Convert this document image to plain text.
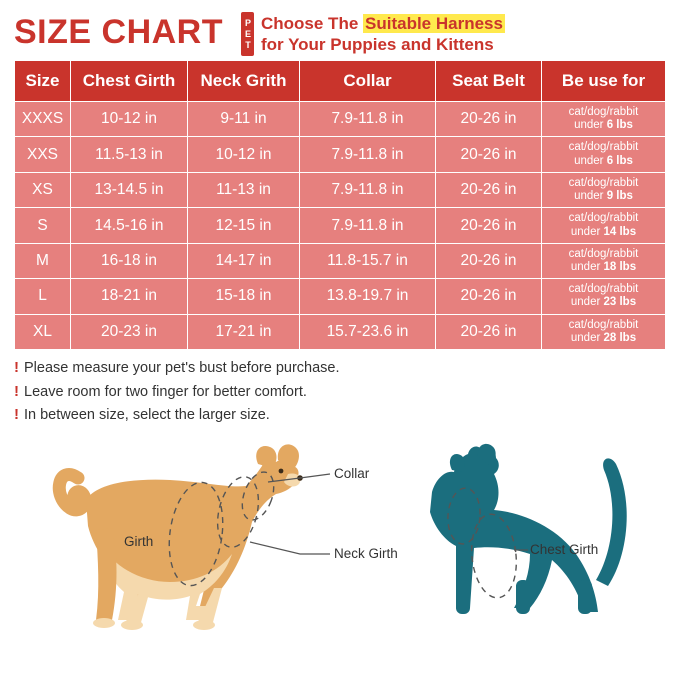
SIZE CHART PET Choose The Suitable Harness
for Your Puppies and Kittens
Size	Chest Girth	Neck Grith	Collar	Seat Belt	Be use for
XXXS	10-12 in	9-11 in	7.9-11.8 in	20-26 in	cat/dog/rabbit
under 6 lbs
XXS	11.5-13 in	10-12 in	7.9-11.8 in	20-26 in	cat/dog/rabbit
under 6 lbs
XS	13-14.5 in	11-13 in	7.9-11.8 in	20-26 in	cat/dog/rabbit
under 9 lbs
S	14.5-16 in	12-15 in	7.9-11.8 in	20-26 in	cat/dog/rabbit
under 14 lbs
M	16-18 in	14-17 in	11.8-15.7 in	20-26 in	cat/dog/rabbit
under 18 lbs
L	18-21 in	15-18 in	13.8-19.7 in	20-26 in	cat/dog/rabbit
under 23 lbs
XL	20-23 in	17-21 in	15.7-23.6 in	20-26 in	cat/dog/rabbit
under 28 lbs
! Please measure your pet's bust before purchase.
! Leave room for two finger for better comfort.
! In between size, select the larger size.
Collar
Neck Girth
Girth
Chest Girth
